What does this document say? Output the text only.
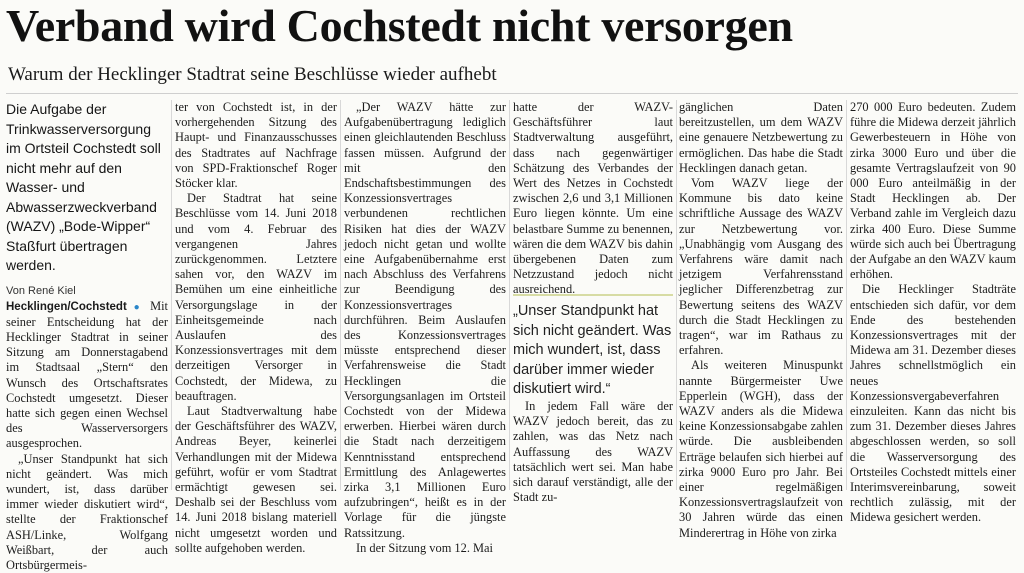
Verband wird Cochstedt nicht versorgen
Warum der Hecklinger Stadtrat seine Beschlüsse wieder aufhebt
Die Aufgabe der Trinkwasserversorgung im Ortsteil Cochstedt soll nicht mehr auf den Wasser- und Abwasserzweckverband (WAZV) „Bode-Wipper“ Staßfurt übertragen werden.
Von René Kiel

Hecklingen/Cochstedt ● Mit seiner Entscheidung hat der Hecklinger Stadtrat in seiner Sitzung am Donnerstagabend im Stadtsaal „Stern“ den Wunsch des Ortschaftsrates Cochstedt umgesetzt. Dieser hatte sich gegen einen Wechsel des Wasserversorgers ausgesprochen.

„Unser Standpunkt hat sich nicht geändert. Was mich wundert, ist, dass darüber immer wieder diskutiert wird“, stellte der Fraktionschef ASH/Linke, Wolfgang Weißbart, der auch Ortsbürgermeis-

ter von Cochstedt ist, in der vorhergehenden Sitzung des Haupt- und Finanzausschusses des Stadtrates auf Nachfrage von SPD-Fraktionschef Roger Stöcker klar.

Der Stadtrat hat seine Beschlüsse vom 14. Juni 2018 und vom 4. Februar des vergangenen Jahres zurückgenommen. Letztere sahen vor, den WAZV im Bemühen um eine einheitliche Versorgungslage in der Einheitsgemeinde nach Auslaufen des Konzessionsvertrages mit dem derzeitigen Versorger in Cochstedt, der Midewa, zu beauftragen.

Laut Stadtverwaltung habe der Geschäftsführer des WAZV, Andreas Beyer, keinerlei Verhandlungen mit der Midewa geführt, wofür er vom Stadtrat ermächtigt gewesen sei. Deshalb sei der Beschluss vom 14. Juni 2018 bislang materiell nicht umgesetzt worden und sollte aufgehoben werden.

„Der WAZV hätte zur Aufgabenübertragung lediglich einen gleichlautenden Beschluss fassen müssen. Aufgrund der mit den Endschaftsbestimmungen des Konzessionsvertrages verbundenen rechtlichen Risiken hat dies der WAZV jedoch nicht getan und wollte eine Aufgabenübernahme erst nach Abschluss des Verfahrens zur Beendigung des Konzessionsvertrages durchführen. Beim Auslaufen des Konzessionsvertrages müsste entsprechend dieser Verfahrensweise die Stadt Hecklingen die Versorgungsanlagen im Ortsteil Cochstedt von der Midewa erwerben. Hierbei wären durch die Stadt nach derzeitigem Kenntnisstand entsprechend Ermittlung des Anlagewertes zirka 3,1 Millionen Euro aufzubringen“, heißt es in der Vorlage für die jüngste Ratssitzung.

In der Sitzung vom 12. Mai

hatte der WAZV-Geschäftsführer laut Stadtverwaltung ausgeführt, dass nach gegenwärtiger Schätzung des Verbandes der Wert des Netzes in Cochstedt zwischen 2,6 und 3,1 Millionen Euro liegen könnte. Um eine belastbare Summe zu benennen, wären die dem WAZV bis dahin übergebenen Daten zum Netzzustand jedoch nicht ausreichend.

„Unser Standpunkt hat sich nicht geändert. Was mich wundert, ist, dass darüber immer wieder diskutiert wird.“

In jedem Fall wäre der WAZV jedoch bereit, das zu zahlen, was das Netz nach Auffassung des WAZV tatsächlich wert sei. Man habe sich darauf verständigt, alle der Stadt zu-

gänglichen Daten bereitzustellen, um dem WAZV eine genauere Netzbewertung zu ermöglichen. Das habe die Stadt Hecklingen danach getan.

Vom WAZV liege der Kommune bis dato keine schriftliche Aussage des WAZV zur Netzbewertung vor. „Unabhängig vom Ausgang des Verfahrens wäre damit nach jetzigem Verfahrensstand jeglicher Differenzbetrag zur Bewertung seitens des WAZV durch die Stadt Hecklingen zu tragen“, war im Rathaus zu erfahren.

Als weiteren Minuspunkt nannte Bürgermeister Uwe Epperlein (WGH), dass der WAZV anders als die Midewa keine Konzessionsabgabe zahlen würde. Die ausbleibenden Erträge belaufen sich hierbei auf zirka 9000 Euro pro Jahr. Bei einer regelmäßigen Konzessionsvertragslaufzeit von 30 Jahren würde das einen Minderertrag in Höhe von zirka

270 000 Euro bedeuten. Zudem führe die Midewa derzeit jährlich Gewerbesteuern in Höhe von zirka 3000 Euro und über die gesamte Vertragslaufzeit von 90 000 Euro anteilmäßig in der Stadt Hecklingen ab. Der Verband zahle im Vergleich dazu zirka 400 Euro. Diese Summe würde sich auch bei Übertragung der Aufgabe an den WAZV kaum erhöhen.

Die Hecklinger Stadträte entschieden sich dafür, vor dem Ende des bestehenden Konzessionsvertrages mit der Midewa am 31. Dezember dieses Jahres schnellstmöglich ein neues Konzessionsvergabeverfahren einzuleiten. Kann das nicht bis zum 31. Dezember dieses Jahres abgeschlossen werden, so soll die Wasserversorgung des Ortsteiles Cochstedt mittels einer Interimsvereinbarung, soweit rechtlich zulässig, mit der Midewa gesichert werden.
